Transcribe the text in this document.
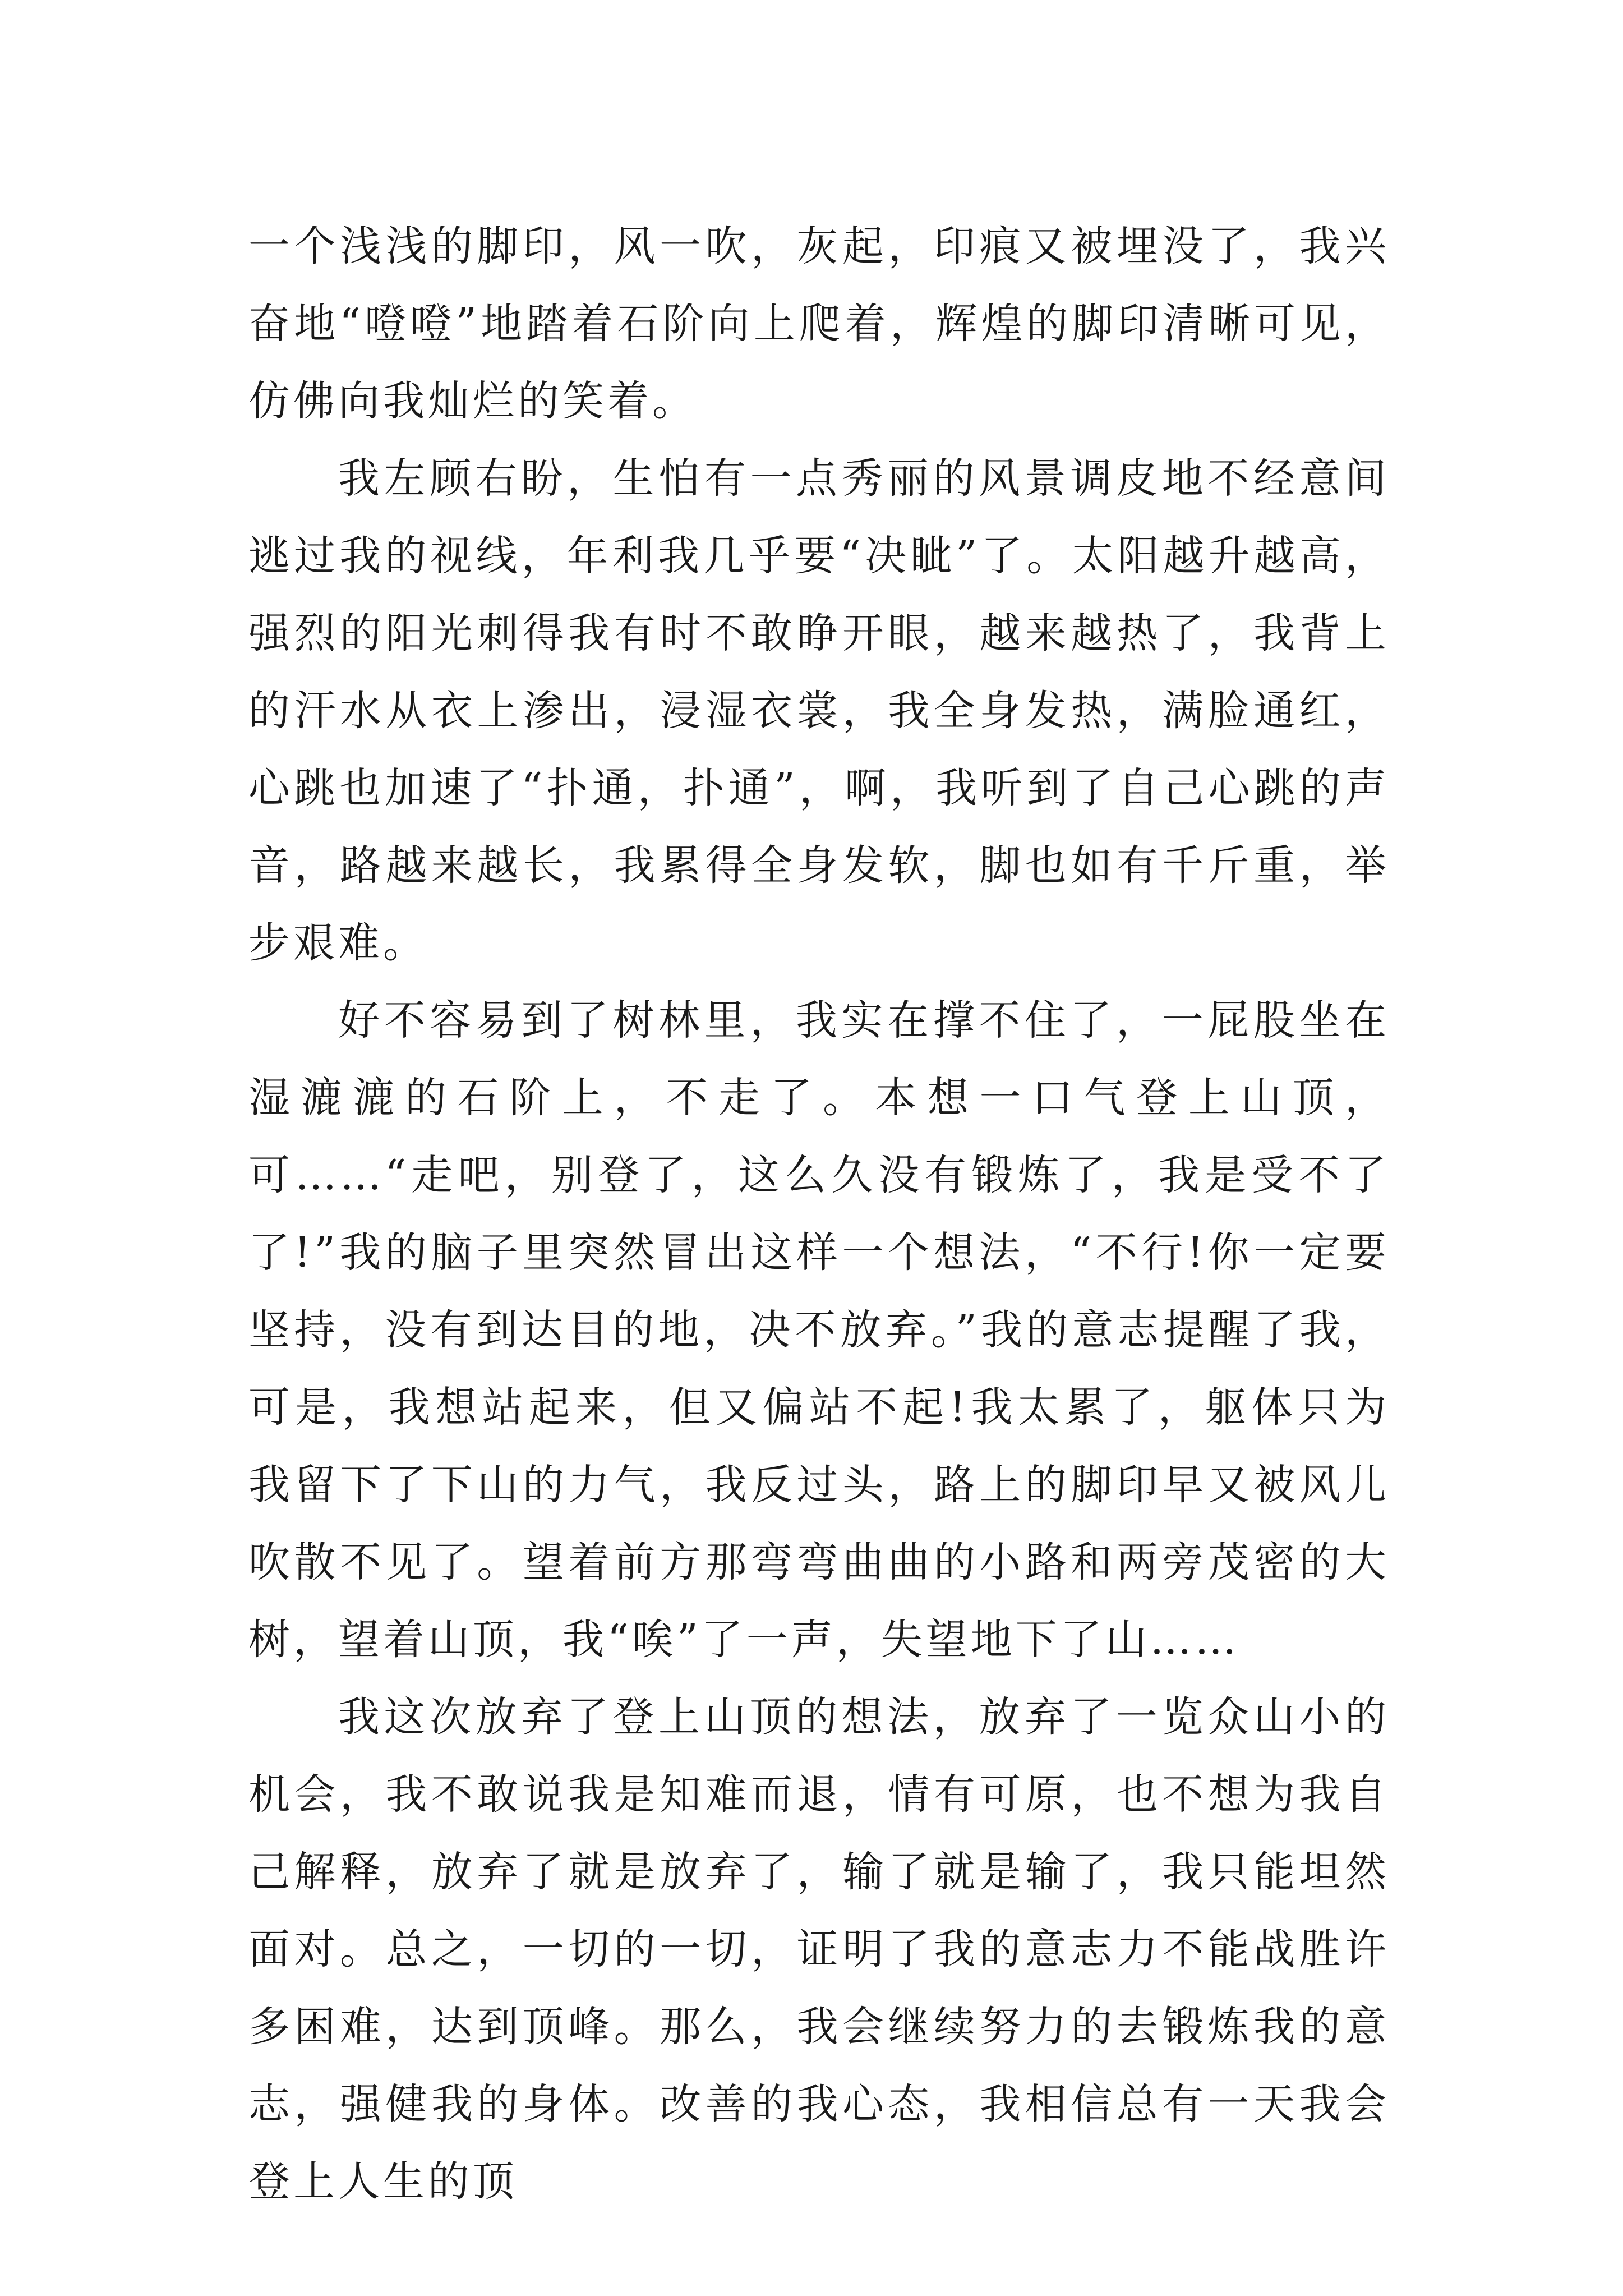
一个浅浅的脚印，风一吹，灰起，印痕又被埋没了，我兴奋地“噔噔”地踏着石阶向上爬着，辉煌的脚印清晰可见，仿佛向我灿烂的笑着。

我左顾右盼，生怕有一点秀丽的风景调皮地不经意间逃过我的视线，年利我几乎要“决眦”了。太阳越升越高，强烈的阳光刺得我有时不敢睁开眼，越来越热了，我背上的汗水从衣上渗出，浸湿衣裳，我全身发热，满脸通红，心跳也加速了“扑通，扑通”，啊，我听到了自己心跳的声音，路越来越长，我累得全身发软，脚也如有千斤重，举步艰难。

好不容易到了树林里，我实在撑不住了，一屁股坐在湿漉漉的石阶上，不走了。本想一口气登上山顶，可……“走吧，别登了，这么久没有锻炼了，我是受不了了!”我的脑子里突然冒出这样一个想法，“不行!你一定要坚持，没有到达目的地，决不放弃。”我的意志提醒了我，可是，我想站起来，但又偏站不起!我太累了，躯体只为我留下了下山的力气，我反过头，路上的脚印早又被风儿吹散不见了。望着前方那弯弯曲曲的小路和两旁茂密的大树，望着山顶，我“唉”了一声，失望地下了山……

我这次放弃了登上山顶的想法，放弃了一览众山小的机会，我不敢说我是知难而退，情有可原，也不想为我自己解释，放弃了就是放弃了，输了就是输了，我只能坦然面对。总之，一切的一切，证明了我的意志力不能战胜许多困难，达到顶峰。那么，我会继续努力的去锻炼我的意志，强健我的身体。改善的我心态，我相信总有一天我会登上人生的顶
